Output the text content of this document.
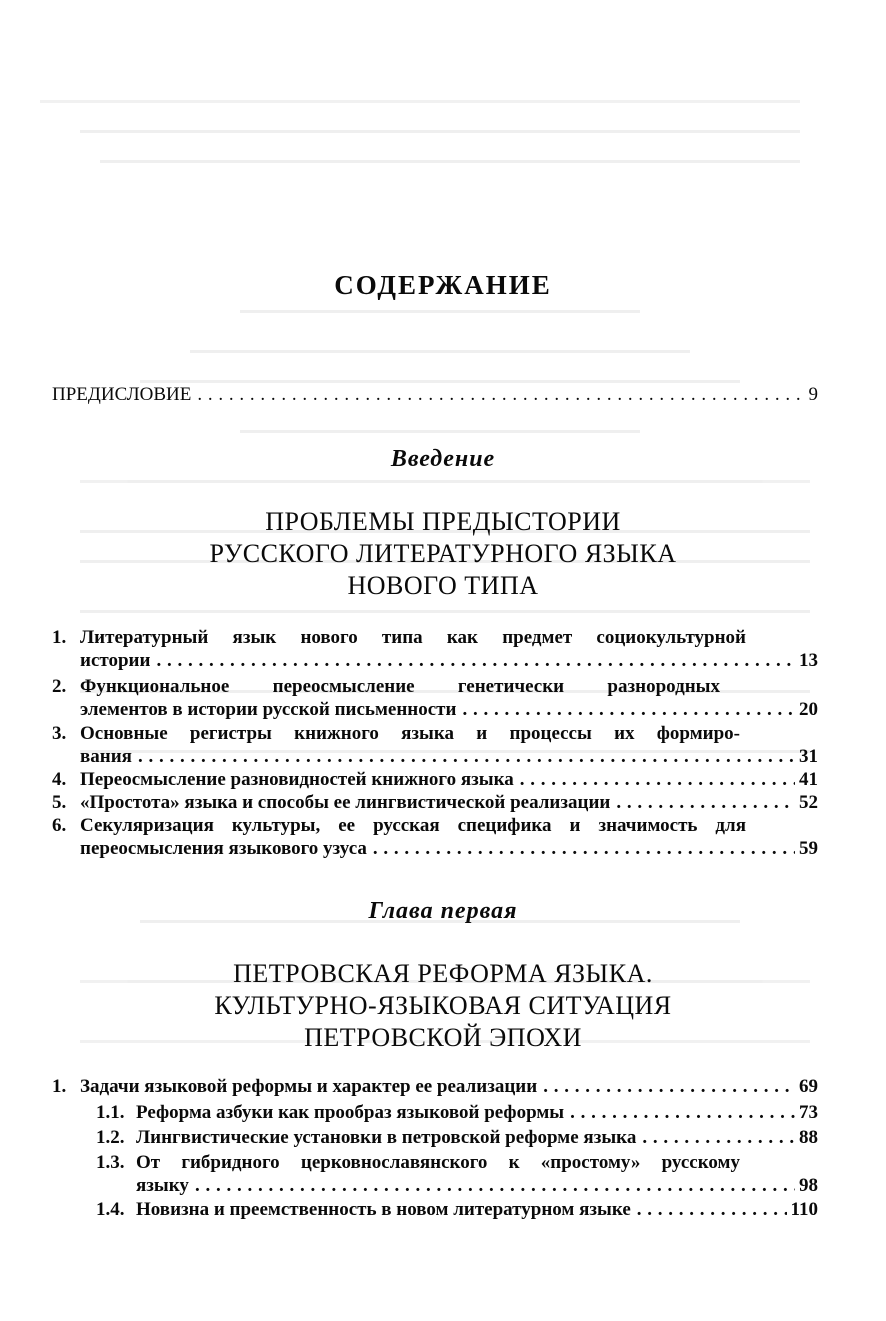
СОДЕРЖАНИЕ
ПРЕДИСЛОВИЕ . . .	9
Введение
ПРОБЛЕМЫ ПРЕДЫСТОРИИ
РУССКОГО ЛИТЕРАТУРНОГО ЯЗЫКА
НОВОГО ТИПА
1. Литературный язык нового типа как предмет социокультурной
истории . . .	13
2. Функциональное переосмысление генетически разнородных
элементов в истории русской письменности . . .	20
3. Основные регистры книжного языка и процессы их формиро-
вания . . .	31
4. Переосмысление разновидностей книжного языка . . .	41
5. «Простота» языка и способы ее лингвистической реализации . . .	52
6. Секуляризация культуры, ее русская специфика и значимость для
переосмысления языкового узуса . . .	59
Глава первая
ПЕТРОВСКАЯ РЕФОРМА ЯЗЫКА.
КУЛЬТУРНО-ЯЗЫКОВАЯ СИТУАЦИЯ
ПЕТРОВСКОЙ ЭПОХИ
1. Задачи языковой реформы и характер ее реализации . . .	69
1.1. Реформа азбуки как прообраз языковой реформы . . .	73
1.2. Лингвистические установки в петровской реформе языка . . .	88
1.3. От гибридного церковнославянского к «простому» русскому
языку . . .	98
1.4. Новизна и преемственность в новом литературном языке . . .	110
